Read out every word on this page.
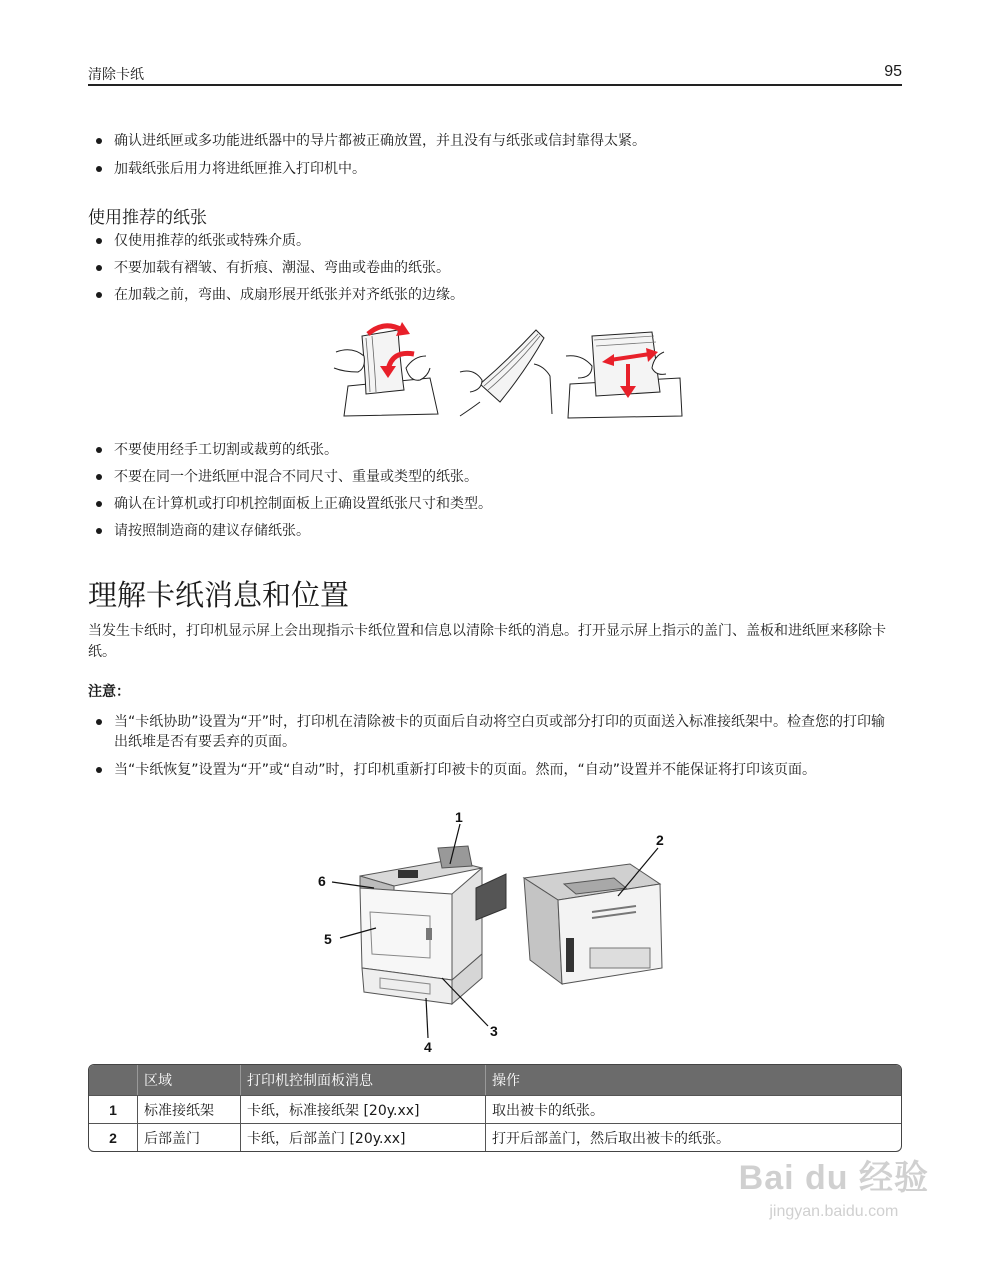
清除卡纸	95
确认进纸匣或多功能进纸器中的导片都被正确放置，并且没有与纸张或信封靠得太紧。
加载纸张后用力将进纸匣推入打印机中。
使用推荐的纸张
仅使用推荐的纸张或特殊介质。
不要加载有褶皱、有折痕、潮湿、弯曲或卷曲的纸张。
在加载之前，弯曲、成扇形展开纸张并对齐纸张的边缘。
不要使用经手工切割或裁剪的纸张。
不要在同一个进纸匣中混合不同尺寸、重量或类型的纸张。
确认在计算机或打印机控制面板上正确设置纸张尺寸和类型。
请按照制造商的建议存储纸张。
理解卡纸消息和位置
当发生卡纸时，打印机显示屏上会出现指示卡纸位置和信息以清除卡纸的消息。打开显示屏上指示的盖门、盖板和进纸匣来移除卡纸。
注意：
当“卡纸协助”设置为“开”时，打印机在清除被卡的页面后自动将空白页或部分打印的页面送入标准接纸架中。检查您的打印输出纸堆是否有要丢弃的页面。
当“卡纸恢复”设置为“开”或“自动”时，打印机重新打印被卡的页面。然而，“自动”设置并不能保证将打印该页面。
1
2
3
4
5
6
	区域	打印机控制面板消息	操作
1	标准接纸架	卡纸，标准接纸架 [20y.xx]	取出被卡的纸张。
2	后部盖门	卡纸，后部盖门 [20y.xx]	打开后部盖门，然后取出被卡的纸张。
Bai du 经验
jingyan.baidu.com
